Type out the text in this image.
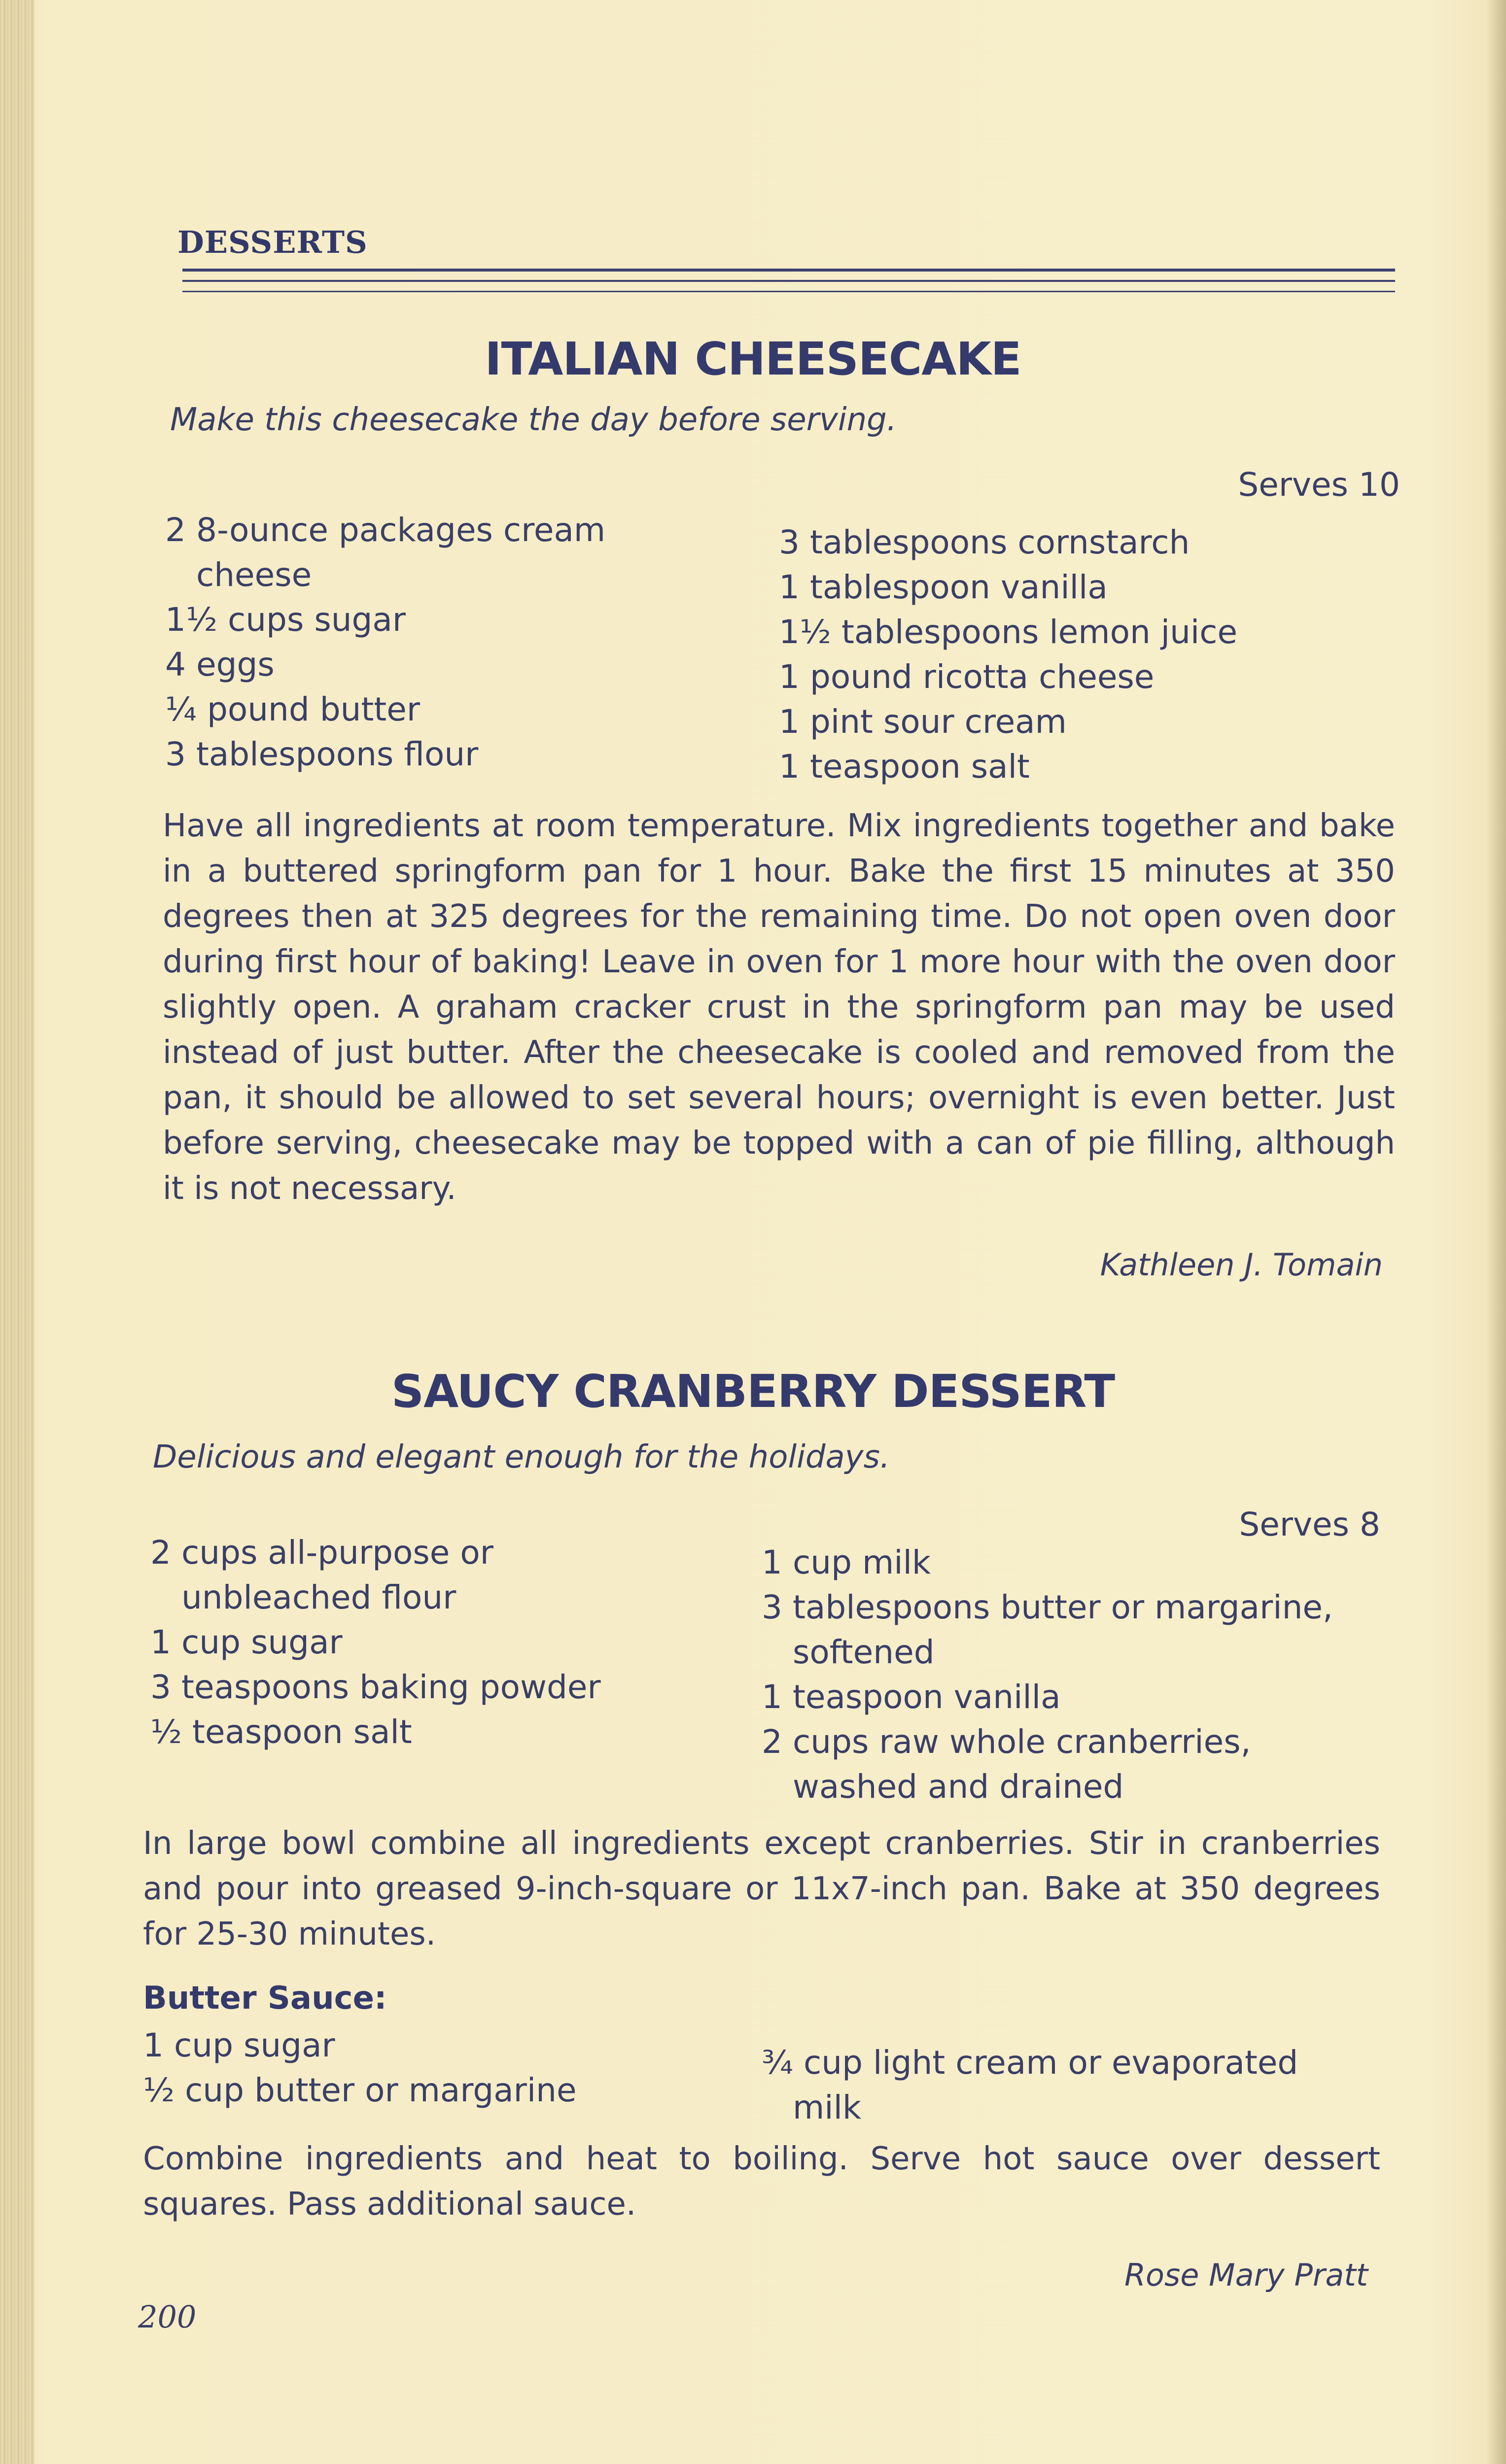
DESSERTS
ITALIAN CHEESECAKE
Make this cheesecake the day before serving.
Serves 10
2 8-ounce packages cream
cheese
1½ cups sugar
4 eggs
¼ pound butter
3 tablespoons flour
3 tablespoons cornstarch
1 tablespoon vanilla
1½ tablespoons lemon juice
1 pound ricotta cheese
1 pint sour cream
1 teaspoon salt

Have all ingredients at room temperature. Mix ingredients together and bake in a buttered springform pan for 1 hour. Bake the first 15 minutes at 350 degrees then at 325 degrees for the remaining time. Do not open oven door during first hour of baking! Leave in oven for 1 more hour with the oven door slightly open. A graham cracker crust in the springform pan may be used instead of just butter. After the cheesecake is cooled and removed from the pan, it should be allowed to set several hours; overnight is even better. Just before serving, cheesecake may be topped with a can of pie filling, although it is not necessary.

Kathleen J. Tomain
SAUCY CRANBERRY DESSERT
Delicious and elegant enough for the holidays.
Serves 8
2 cups all-purpose or
unbleached flour
1 cup sugar
3 teaspoons baking powder
½ teaspoon salt
1 cup milk
3 tablespoons butter or margarine,
softened
1 teaspoon vanilla
2 cups raw whole cranberries,
washed and drained

In large bowl combine all ingredients except cranberries. Stir in cranberries and pour into greased 9-inch-square or 11x7-inch pan. Bake at 350 degrees for 25-30 minutes.

Butter Sauce:
1 cup sugar
½ cup butter or margarine
¾ cup light cream or evaporated
milk

Combine ingredients and heat to boiling. Serve hot sauce over dessert squares. Pass additional sauce.

Rose Mary Pratt
200
